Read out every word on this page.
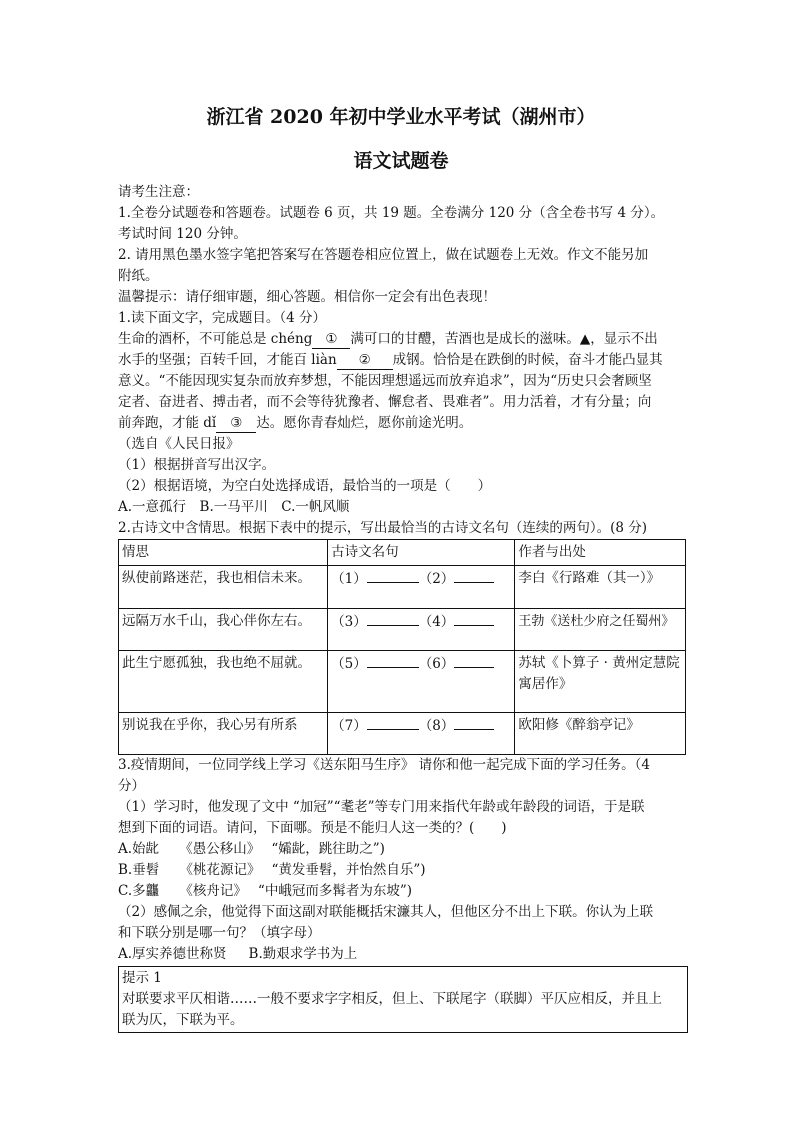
浙江省 2020 年初中学业水平考试（湖州市）
语文试题卷

请考生注意：

1.全卷分试题卷和答题卷。试题卷 6 页，共 19 题。全卷满分 120 分（含全卷书写 4 分）。

考试时间 120 分钟。

2. 请用黑色墨水签字笔把答案写在答题卷相应位置上，做在试题卷上无效。作文不能另加

附纸。

温馨提示：请仔细审题，细心答题。相信你一定会有出色表现！

1.读下面文字，完成题目。（4 分）

生命的酒杯，不可能总是 chéng ① 满可口的甘醴，苦酒也是成长的滋味。▲，显示不出

水手的坚强；百转千回，才能百 liàn ② 成钢。恰恰是在跌倒的时候，奋斗才能凸显其

意义。“不能因现实复杂而放弃梦想，不能因理想遥远而放弃追求”，因为“历史只会奢顾坚

定者、奋进者、搏击者，而不会等待犹豫者、懈怠者、畏难者”。用力活着，才有分量；向

前奔跑，才能 dǐ ③ 达。愿你青春灿烂，愿你前途光明。

（选自《人民日报》

（1）根据拼音写出汉字。

（2）根据语境，为空白处选择成语，最恰当的一项是（　　）

A.一意孤行　B.一马平川　C.一帆风顺

2.古诗文中含情思。根据下表中的提示，写出最恰当的古诗文名句（连续的两句）。(8 分)

情思	古诗文名句	作者与出处
纵使前路迷茫，我也相信未来。	（1） （2）	李白《行路难（其一）》
远隔万水千山，我心伴你左右。	（3） （4）	王勃《送杜少府之任蜀州》
此生宁愿孤独，我也绝不屈就。	（5） （6）	苏轼《卜算子 · 黄州定慧院寓居作》
别说我在乎你，我心另有所系	（7） （8）	欧阳修《醉翁亭记》

3.疫情期间，一位同学线上学习《送东阳马生序》 请你和他一起完成下面的学习任务。（4

分）

（1）学习时，他发现了文中 “加冠”“耄老”等专门用来指代年龄或年龄段的词语，于是联

想到下面的词语。请问，下面哪。预是不能归人这一类的？(　　)

A.始龀　　《愚公移山》　 “孀龀，跳往助之”)

B.垂髫　　《桃花源记》　 “黄发垂髫，并怡然自乐”)

C.多龘　　《核舟记》　 “中峨冠而多髯者为东坡”)

（2）感佩之余，他觉得下面这副对联能概括宋濂其人，但他区分不出上下联。你认为上联

和下联分别是哪一句？（填字母）

A.厚实养德世称贤 B.勤艰求学书为上

提示 1

对联要求平仄相谐……一般不要求字字相反，但上、下联尾字（联脚）平仄应相反，并且上

联为仄，下联为平。
